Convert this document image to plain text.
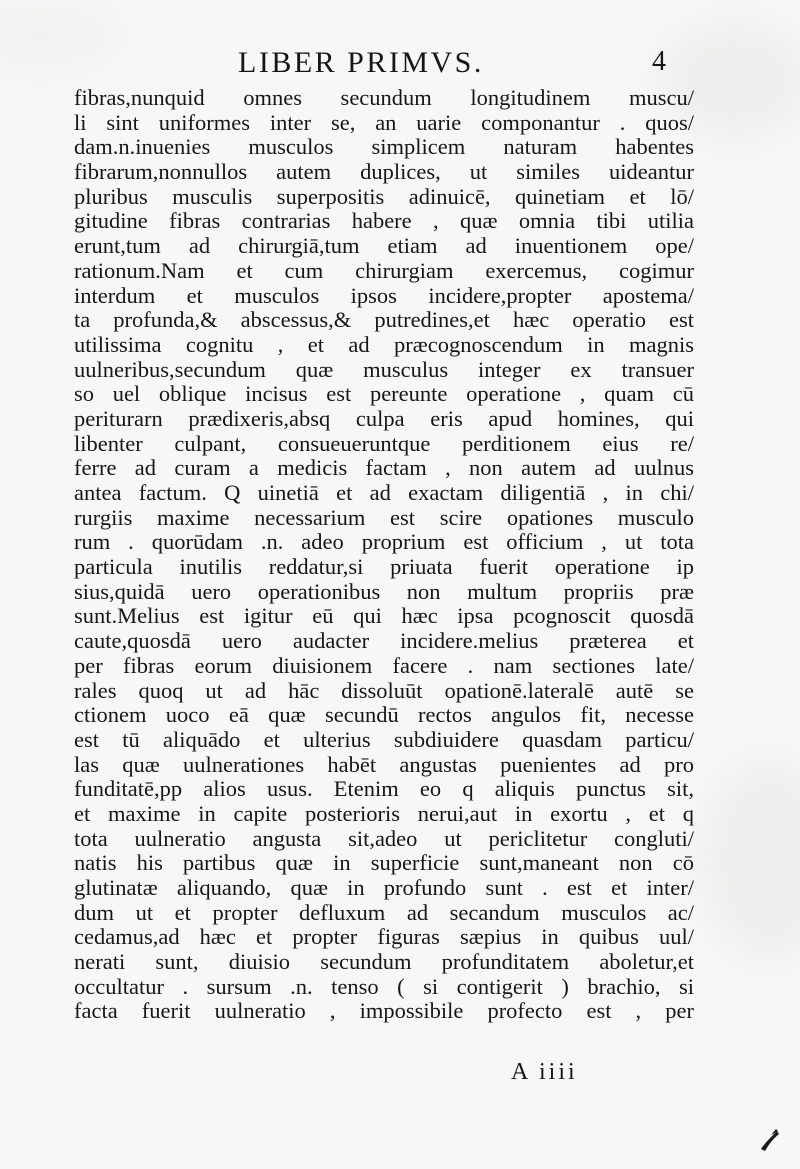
LIBER PRIMVS.	4
fibras,nunquid omnes secundum longitudinem muscu/
li sint uniformes inter se, an uarie componantur . quos/
dam.n.inuenies musculos simplicem naturam habentes
fibrarum,nonnullos autem duplices, ut similes uideantur
pluribus musculis superpositis adinuicē, quinetiam et lō/
gitudine fibras contrarias habere , quæ omnia tibi utilia
erunt,tum ad chirurgiā,tum etiam ad inuentionem ope/
rationum.Nam et cum chirurgiam exercemus, cogimur
interdum et musculos ipsos incidere,propter apostema/
ta profunda,& abscessus,& putredines,et hæc operatio est
utilissima cognitu , et ad præcognoscendum in magnis
uulneribus,secundum quæ musculus integer ex transuer
so uel oblique incisus est pereunte operatione , quam cū
periturarn prædixeris,absq culpa eris apud homines, qui
libenter culpant, consueueruntque perditionem eius re/
ferre ad curam a medicis factam , non autem ad uulnus
antea factum. Q uinetiā et ad exactam diligentiā , in chi/
rurgiis maxime necessarium est scire opationes musculo
rum . quorūdam .n. adeo proprium est officium , ut tota
particula inutilis reddatur,si priuata fuerit operatione ip
sius,quidā uero operationibus non multum propriis præ
sunt.Melius est igitur eū qui hæc ipsa pcognoscit quosdā
caute,quosdā uero audacter incidere.melius præterea et
per fibras eorum diuisionem facere . nam sectiones late/
rales quoq ut ad hāc dissoluūt opationē.lateralē autē se
ctionem uoco eā quæ secundū rectos angulos fit, necesse
est tū aliquādo et ulterius subdiuidere quasdam particu/
las quæ uulnerationes habēt angustas puenientes ad pro
funditatē,pp alios usus. Etenim eo q aliquis punctus sit,
et maxime in capite posterioris nerui,aut in exortu , et q
tota uulneratio angusta sit,adeo ut periclitetur congluti/
natis his partibus quæ in superficie sunt,maneant non cō
glutinatæ aliquando, quæ in profundo sunt . est et inter/
dum ut et propter defluxum ad secandum musculos ac/
cedamus,ad hæc et propter figuras sæpius in quibus uul/
nerati sunt, diuisio secundum profunditatem aboletur,et
occultatur . sursum .n. tenso ( si contigerit ) brachio, si
facta fuerit uulneratio , impossibile profecto est , per
A iiii
